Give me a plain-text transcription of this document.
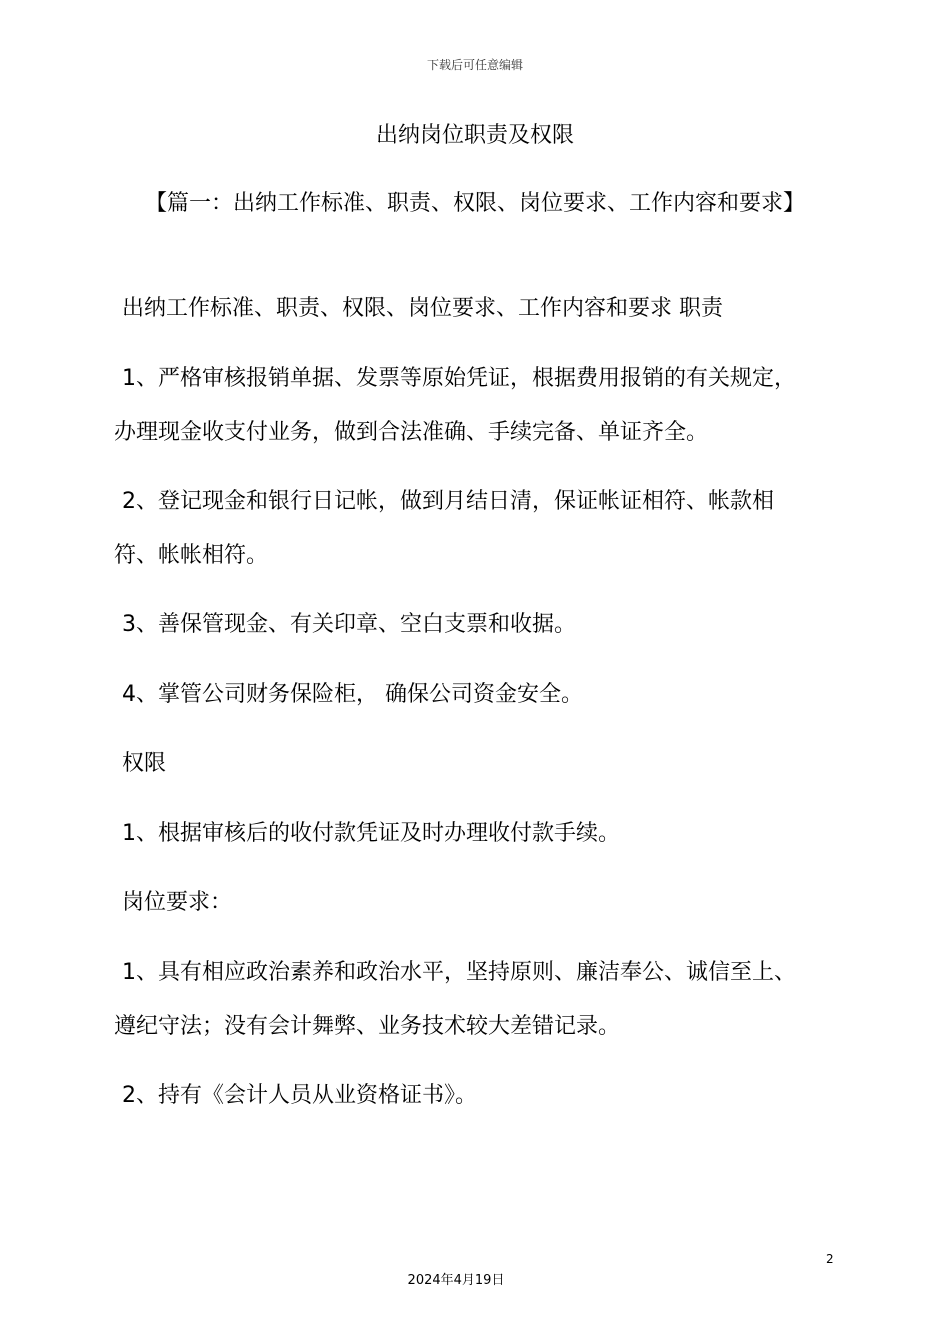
下载后可任意编辑
出纳岗位职责及权限
【篇一：出纳工作标准、职责、权限、岗位要求、工作内容和要求】
出纳工作标准、职责、权限、岗位要求、工作内容和要求 职责
1、严格审核报销单据、发票等原始凭证，根据费用报销的有关规定，
办理现金收支付业务，做到合法准确、手续完备、单证齐全。
2、登记现金和银行日记帐，做到月结日清，保证帐证相符、帐款相
符、帐帐相符。
3、善保管现金、有关印章、空白支票和收据。
4、掌管公司财务保险柜， 确保公司资金安全。
权限
1、根据审核后的收付款凭证及时办理收付款手续。
岗位要求：
1、具有相应政治素养和政治水平，坚持原则、廉洁奉公、诚信至上、
遵纪守法；没有会计舞弊、业务技术较大差错记录。
2、持有《会计人员从业资格证书》。
2
2024年4月19日
